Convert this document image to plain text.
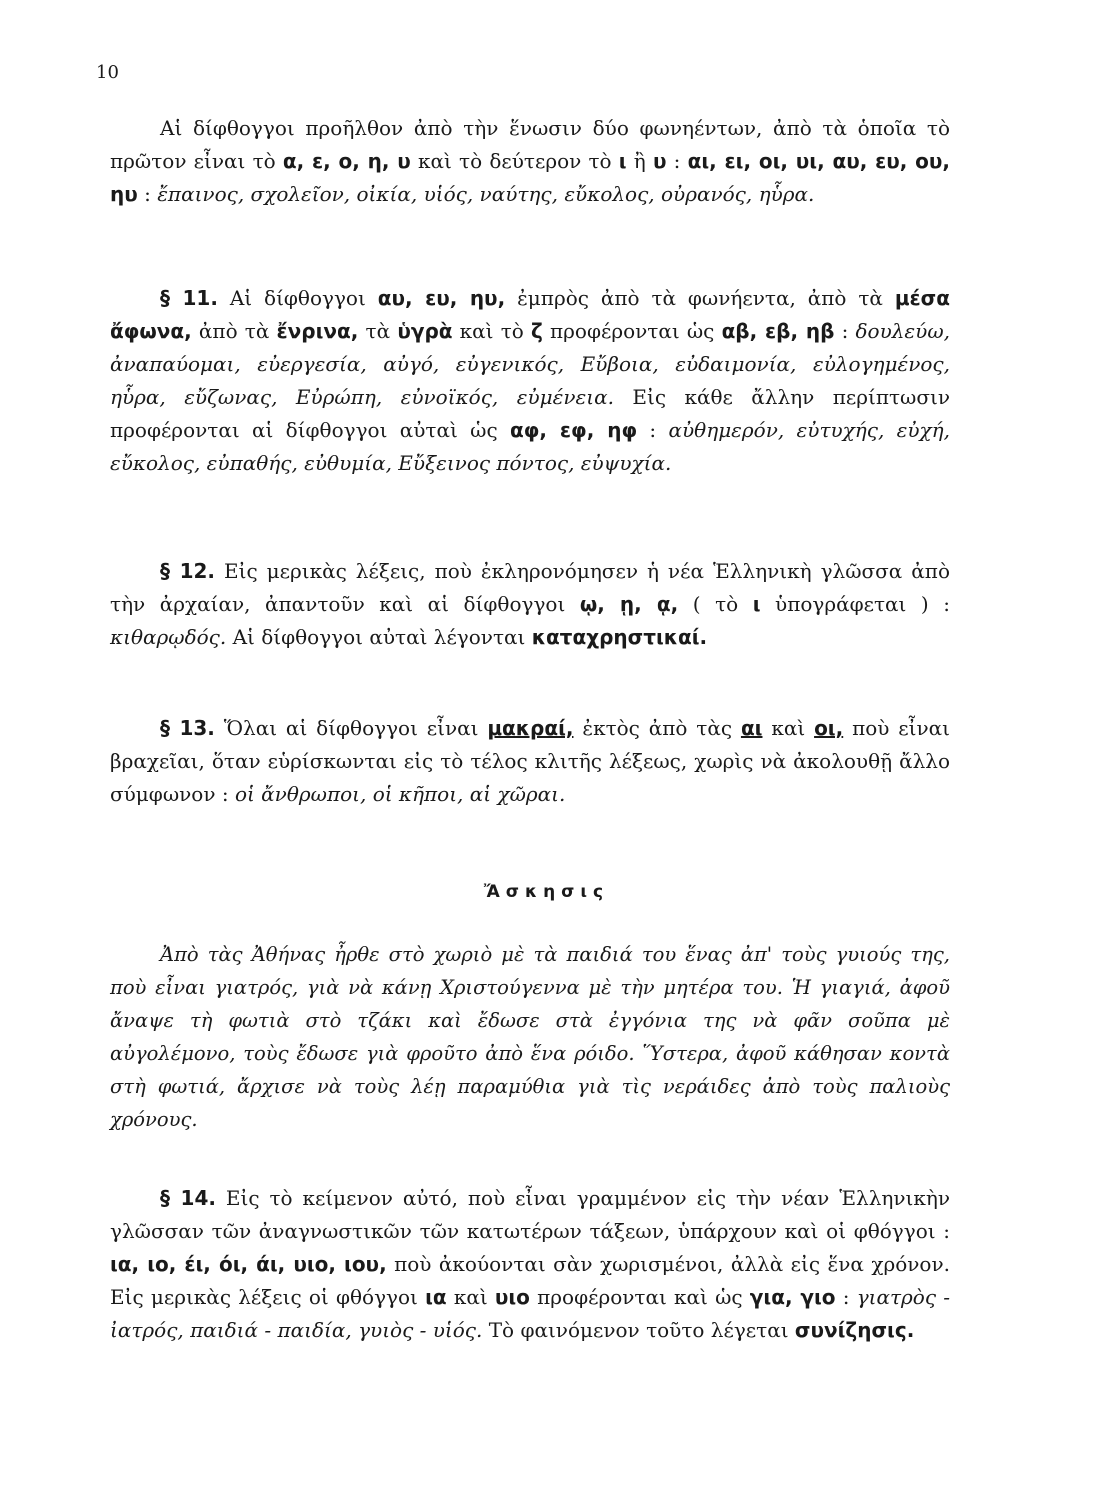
10
Αἱ δίφθογγοι προῆλθον ἀπὸ τὴν ἕνωσιν δύο φωνηέντων, ἀπὸ τὰ ὁποῖα τὸ πρῶτον εἶναι τὸ α, ε, ο, η, υ καὶ τὸ δεύτερον τὸ ι ἢ υ : αι, ει, οι, υι, αυ, ευ, ου, ηυ : ἔπαινος, σχολεῖον, οἰκία, υἱός, ναύτης, εὔκολος, οὐρανός, ηὗρα.
§ 11. Αἱ δίφθογγοι αυ, ευ, ηυ, ἐμπρὸς ἀπὸ τὰ φωνήεντα, ἀπὸ τὰ μέσα ἄφωνα, ἀπὸ τὰ ἔνρινα, τὰ ὑγρὰ καὶ τὸ ζ προφέρονται ὡς αβ, εβ, ηβ : δουλεύω, ἀναπαύομαι, εὐεργεσία, αὐγό, εὐγενικός, Εὔβοια, εὐδαιμονία, εὐλογημένος, ηὗρα, εὔζωνας, Εὐρώπη, εὐνοϊκός, εὐμένεια. Εἰς κάθε ἄλλην περίπτωσιν προφέρονται αἱ δίφθογγοι αὐταὶ ὡς αφ, εφ, ηφ : αὐθημερόν, εὐτυχής, εὐχή, εὔκολος, εὐπαθής, εὐθυμία, Εὔξεινος πόντος, εὐψυχία.
§ 12. Εἰς μερικὰς λέξεις, ποὺ ἐκληρονόμησεν ἡ νέα Ἑλληνικὴ γλῶσσα ἀπὸ τὴν ἀρχαίαν, ἀπαντοῦν καὶ αἱ δίφθογγοι ῳ, ῃ, ᾳ, ( τὸ ι ὑπογράφεται ) : κιθαρῳδός. Αἱ δίφθογγοι αὐταὶ λέγονται καταχρηστικαί.
§ 13. Ὅλαι αἱ δίφθογγοι εἶναι μακραί, ἐκτὸς ἀπὸ τὰς αι καὶ οι, ποὺ εἶναι βραχεῖαι, ὅταν εὑρίσκωνται εἰς τὸ τέλος κλιτῆς λέξεως, χωρὶς νὰ ἀκολουθῇ ἄλλο σύμφωνον : οἱ ἄνθρωποι, οἱ κῆποι, αἱ χῶραι.
Ἄσκησις
Ἀπὸ τὰς Ἀθήνας ἦρθε στὸ χωριὸ μὲ τὰ παιδιά του ἕνας ἀπ' τοὺς γυιούς της, ποὺ εἶναι γιατρός, γιὰ νὰ κάνῃ Χριστούγεννα μὲ τὴν μητέρα του. Ἡ γιαγιά, ἀφοῦ ἄναψε τὴ φωτιὰ στὸ τζάκι καὶ ἔδωσε στὰ ἐγγόνια της νὰ φᾶν σοῦπα μὲ αὐγολέμονο, τοὺς ἔδωσε γιὰ φροῦτο ἀπὸ ἕνα ρόιδο. Ὕστερα, ἀφοῦ κάθησαν κοντὰ στὴ φωτιά, ἄρχισε νὰ τοὺς λέῃ παραμύθια γιὰ τὶς νεράιδες ἀπὸ τοὺς παλιοὺς χρόνους.
§ 14. Εἰς τὸ κείμενον αὐτό, ποὺ εἶναι γραμμένον εἰς τὴν νέαν Ἑλληνικὴν γλῶσσαν τῶν ἀναγνωστικῶν τῶν κατωτέρων τάξεων, ὑπάρχουν καὶ οἱ φθόγγοι : ια, ιο, έι, όι, άι, υιο, ιου, ποὺ ἀκούονται σὰν χωρισμένοι, ἀλλὰ εἰς ἕνα χρόνον. Εἰς μερικὰς λέξεις οἱ φθόγγοι ια καὶ υιο προφέρονται καὶ ὡς για, γιο : γιατρὸς - ἰατρός, παιδιά - παιδία, γυιὸς - υἱός. Τὸ φαινόμενον τοῦτο λέγεται συνίζησις.
